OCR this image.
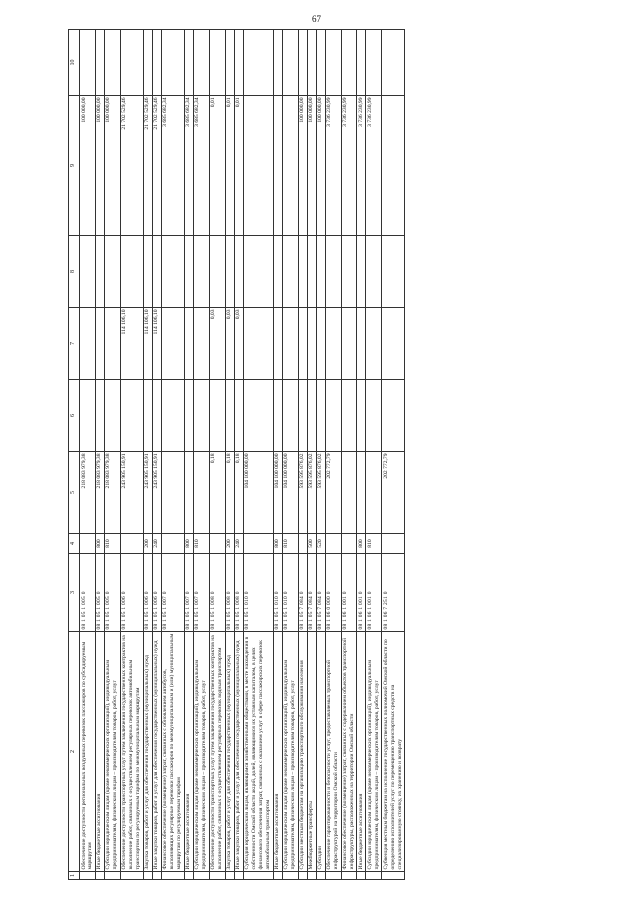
67
1	2	3	4	5	6	7	8	9	10
	Обеспечение доступности региональных воздушных перевозок пассажиров по субсидируемым маршрутам	08 1 05 1 005 0		218 083 979,38				100 000,00	
	Иные бюджетные ассигнования	08 1 05 1 005 0	800	218 083 979,38				100 000,00	
	Субсидии юридическим лицам (кроме некоммерческих организаций), индивидуальным предпринимателям, физическим лицам – производителям товаров, работ, услуг	08 1 05 1 005 0	810	218 083 979,38				100 000,00	
	Обеспечение доступности транспортных услуг путем заключения государственных контрактов на выполнение работ, связанных с осуществлением регулярных перевозок автомобильным транспортом по регулируемым тарифам по межмуниципальным маршрутам	08 1 05 1 006 0		243 905 150,91		114 106,10		21 702 529,46	
	Закупка товаров, работ и услуг для обеспечения государственных (муниципальных) нужд	08 1 05 1 006 0	200	243 905 150,91		114 106,10		21 702 529,46	
	Иные закупки товаров, работ и услуг для обеспечения государственных (муниципальных) нужд	08 1 05 1 006 0	240	243 905 150,91		114 106,10		21 702 529,46	
	Финансовое обеспечение (возмещение) затрат, связанных с обновлением автобусов, выполняющих регулярные перевозки пассажиров по межмуниципальным и (или) муниципальным маршрутам по регулируемым тарифам	08 1 05 1 007 0						3 685 682,34	
	Иные бюджетные ассигнования	08 1 05 1 007 0	800					3 685 682,34	
	Субсидии юридическим лицам (кроме некоммерческих организаций), индивидуальным предпринимателям, физическим лицам – производителям товаров, работ, услуг	08 1 05 1 007 0	810					3 685 682,34	
	Обеспечение доступности транспортных услуг путем заключения государственных контрактов на выполнение работ, связанных с осуществлением регулярных перевозок водным транспортом	08 1 05 1 008 0		0,18		0,03		0,01	
	Закупка товаров, работ и услуг для обеспечения государственных (муниципальных) нужд	08 1 05 1 008 0	200	0,18		0,03		0,01	
	Иные закупки товаров, работ и услуг для обеспечения государственных (муниципальных) нужд	08 1 05 1 008 0	240	0,18		0,03		0,01	
	Субсидия юридическим лицам, являющимся хозяйственными обществами, в месте нахождения в собственности Омской области акций, долей, являющимися их уставным капиталом, в целях финансового обеспечения затрат, связанных с оказанием услуг в сфере пассажирских перевозок автомобильным транспортом	08 1 05 1 010 0		104 100 000,00					
	Иные бюджетные ассигнования	08 1 05 1 010 0	800	104 100 000,00					
	Субсидии юридическим лицам (кроме некоммерческих организаций), индивидуальным предпринимателям, физическим лицам – производителям товаров, работ, услуг	08 1 05 1 010 0	810	104 100 000,00					
	Субсидии местным бюджетам на организацию транспортного обслуживания населения	08 1 05 7 084 0		593 595 876,02				100 000,00	
	Межбюджетные трансферты	08 1 05 7 084 0	500	593 595 876,02				100 000,00	
	Субсидии	08 1 05 7 084 0	520	593 595 876,02				100 000,00	
	Обеспечение гарантированности и безопасности услуг, предоставляемых транспортной инфраструктурой на территории Омской области	08 1 06 0 000 0		202 772,79				3 736 230,99	
	Финансовое обеспечение (возмещение) затрат, связанных с содержанием объектов транспортной инфраструктуры, расположенных на территории Омской области	08 1 06 1 001 0						3 736 230,99	
	Иные бюджетные ассигнования	08 1 06 1 001 0	800					3 736 230,99	
	Субсидии юридическим лицам (кроме некоммерческих организаций), индивидуальным предпринимателям, физическим лицам – производителям товаров, работ, услуг	08 1 06 1 001 0	810					3 736 230,99	
	Субвенция местным бюджетам на исполнение государственных полномочий Омской области по определению исполнителей услуг по перемещению транспортных средств на специализированную стоянку, их хранению и возврату	08 1 06 7 251 0		202 772,79					
